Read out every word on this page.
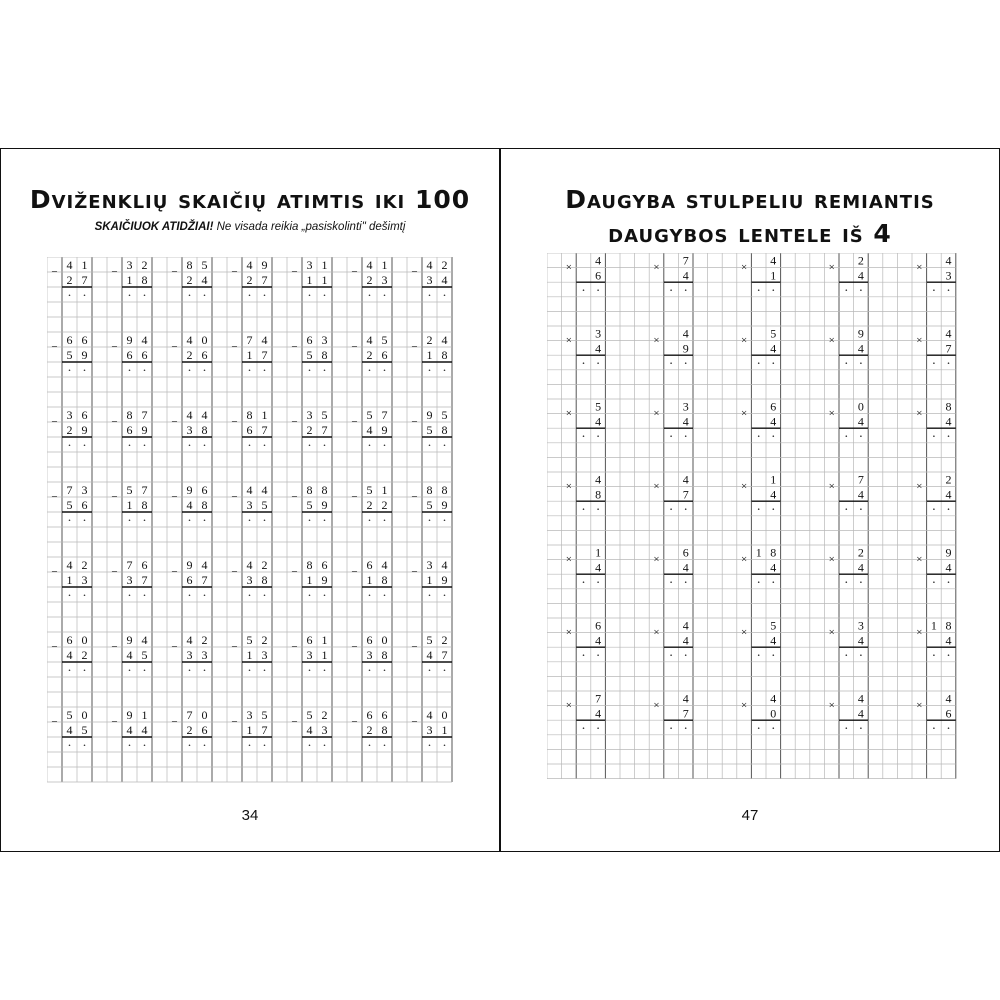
Dviženklių skaičių atimtis iki 100
SKAIČIUOK ATIDŽIAI! Ne visada reikia „pasiskolinti" dešimtį
− 4 1
2 7
− 3 2
1 8
− 8 5
2 4
− 4 9
2 7
− 3 1
1 1
− 4 1
2 3
− 4 2
3 4
− 6 6
5 9
− 9 4
6 6
− 4 0
2 6
− 7 4
1 7
− 6 3
5 8
− 4 5
2 6
− 2 4
1 8
− 3 6
2 9
− 8 7
6 9
− 4 4
3 8
− 8 1
6 7
− 3 5
2 7
− 5 7
4 9
− 9 5
5 8
− 7 3
5 6
− 5 7
1 8
− 9 6
4 8
− 4 4
3 5
− 8 8
5 9
− 5 1
2 2
− 8 8
5 9
− 4 2
1 3
− 7 6
3 7
− 9 4
6 7
− 4 2
3 8
− 8 6
1 9
− 6 4
1 8
− 3 4
1 9
− 6 0
4 2
− 9 4
4 5
− 4 2
3 3
− 5 2
1 3
− 6 1
3 1
− 6 0
3 8
− 5 2
4 7
− 5 0
4 5
− 9 1
4 4
− 7 0
2 6
− 3 5
1 7
− 5 2
4 3
− 6 6
2 8
− 4 0
3 1
34
Daugyba stulpeliu remiantis
daugybos lentele iš 4
× 4
6
× 7
4
× 4
1
× 2
4
× 4
3
× 3
4
× 4
9
× 5
4
× 9
4
× 4
7
× 5
4
× 3
4
× 6
4
× 0
4
× 8
4
× 4
8
× 4
7
× 1
4
× 7
4
× 2
4
× 1
4
× 6
4
× 1 8
4
× 2
4
× 9
4
× 6
4
× 4
4
× 5
4
× 3
4
× 1 8
4
× 7
4
× 4
7
× 4
0
× 4
4
× 4
6
47
